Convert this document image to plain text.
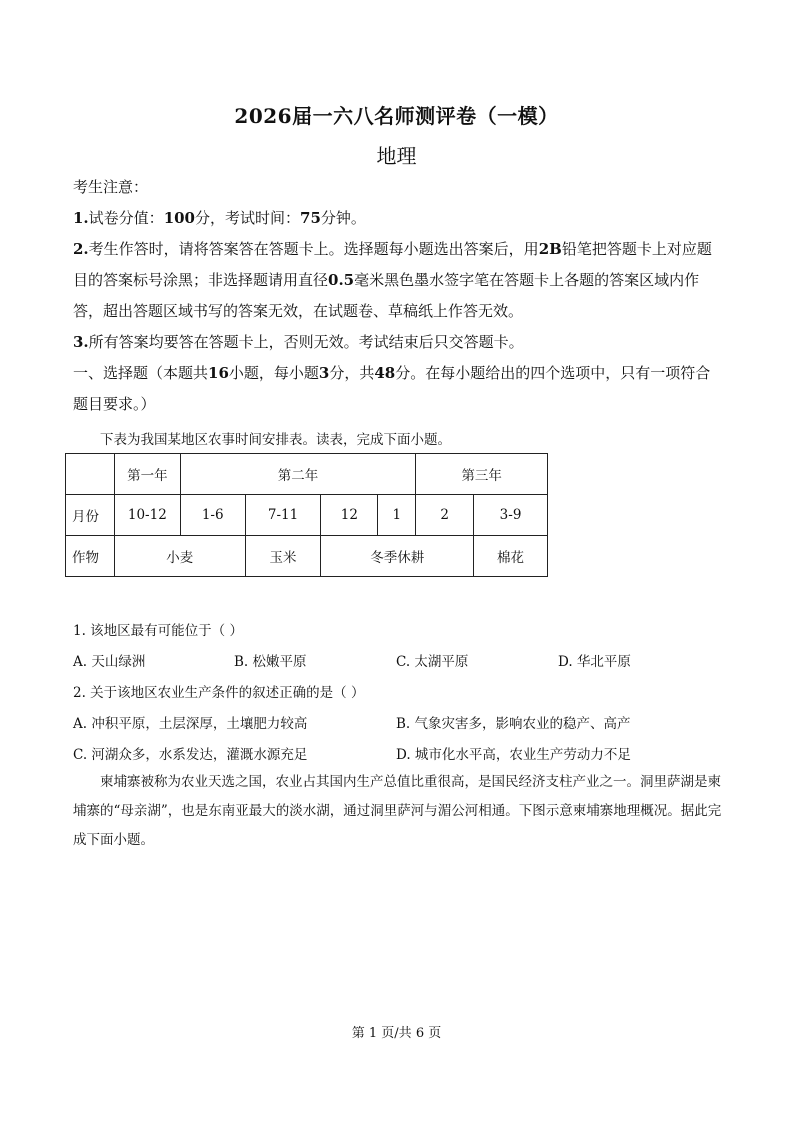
2026届一六八名师测评卷（一模）
地理

考生注意：

1.试卷分值：100分，考试时间：75分钟。

2.考生作答时，请将答案答在答题卡上。选择题每小题选出答案后，用2B铅笔把答题卡上对应题目的答案标号涂黑；非选择题请用直径0.5毫米黑色墨水签字笔在答题卡上各题的答案区域内作答，超出答题区域书写的答案无效，在试题卷、草稿纸上作答无效。

3.所有答案均要答在答题卡上，否则无效。考试结束后只交答题卡。

一、选择题（本题共16小题，每小题3分，共48分。在每小题给出的四个选项中，只有一项符合题目要求。）
下表为我国某地区农事时间安排表。读表，完成下面小题。
	第一年	第二年				第三年	
月份	10-12	1-6	7-11	12	1	2	3-9
作物	小麦		玉米	冬季休耕			棉花
1. 该地区最有可能位于（ ）
A. 天山绿洲	B. 松嫩平原	C. 太湖平原	D. 华北平原
2. 关于该地区农业生产条件的叙述正确的是（ ）
A. 冲积平原，土层深厚，土壤肥力较高	B. 气象灾害多，影响农业的稳产、高产
C. 河湖众多，水系发达，灌溉水源充足	D. 城市化水平高，农业生产劳动力不足
柬埔寨被称为农业天选之国，农业占其国内生产总值比重很高，是国民经济支柱产业之一。洞里萨湖是柬埔寨的“母亲湖”，也是东南亚最大的淡水湖，通过洞里萨河与湄公河相通。下图示意柬埔寨地理概况。据此完成下面小题。
第 1 页/共 6 页
